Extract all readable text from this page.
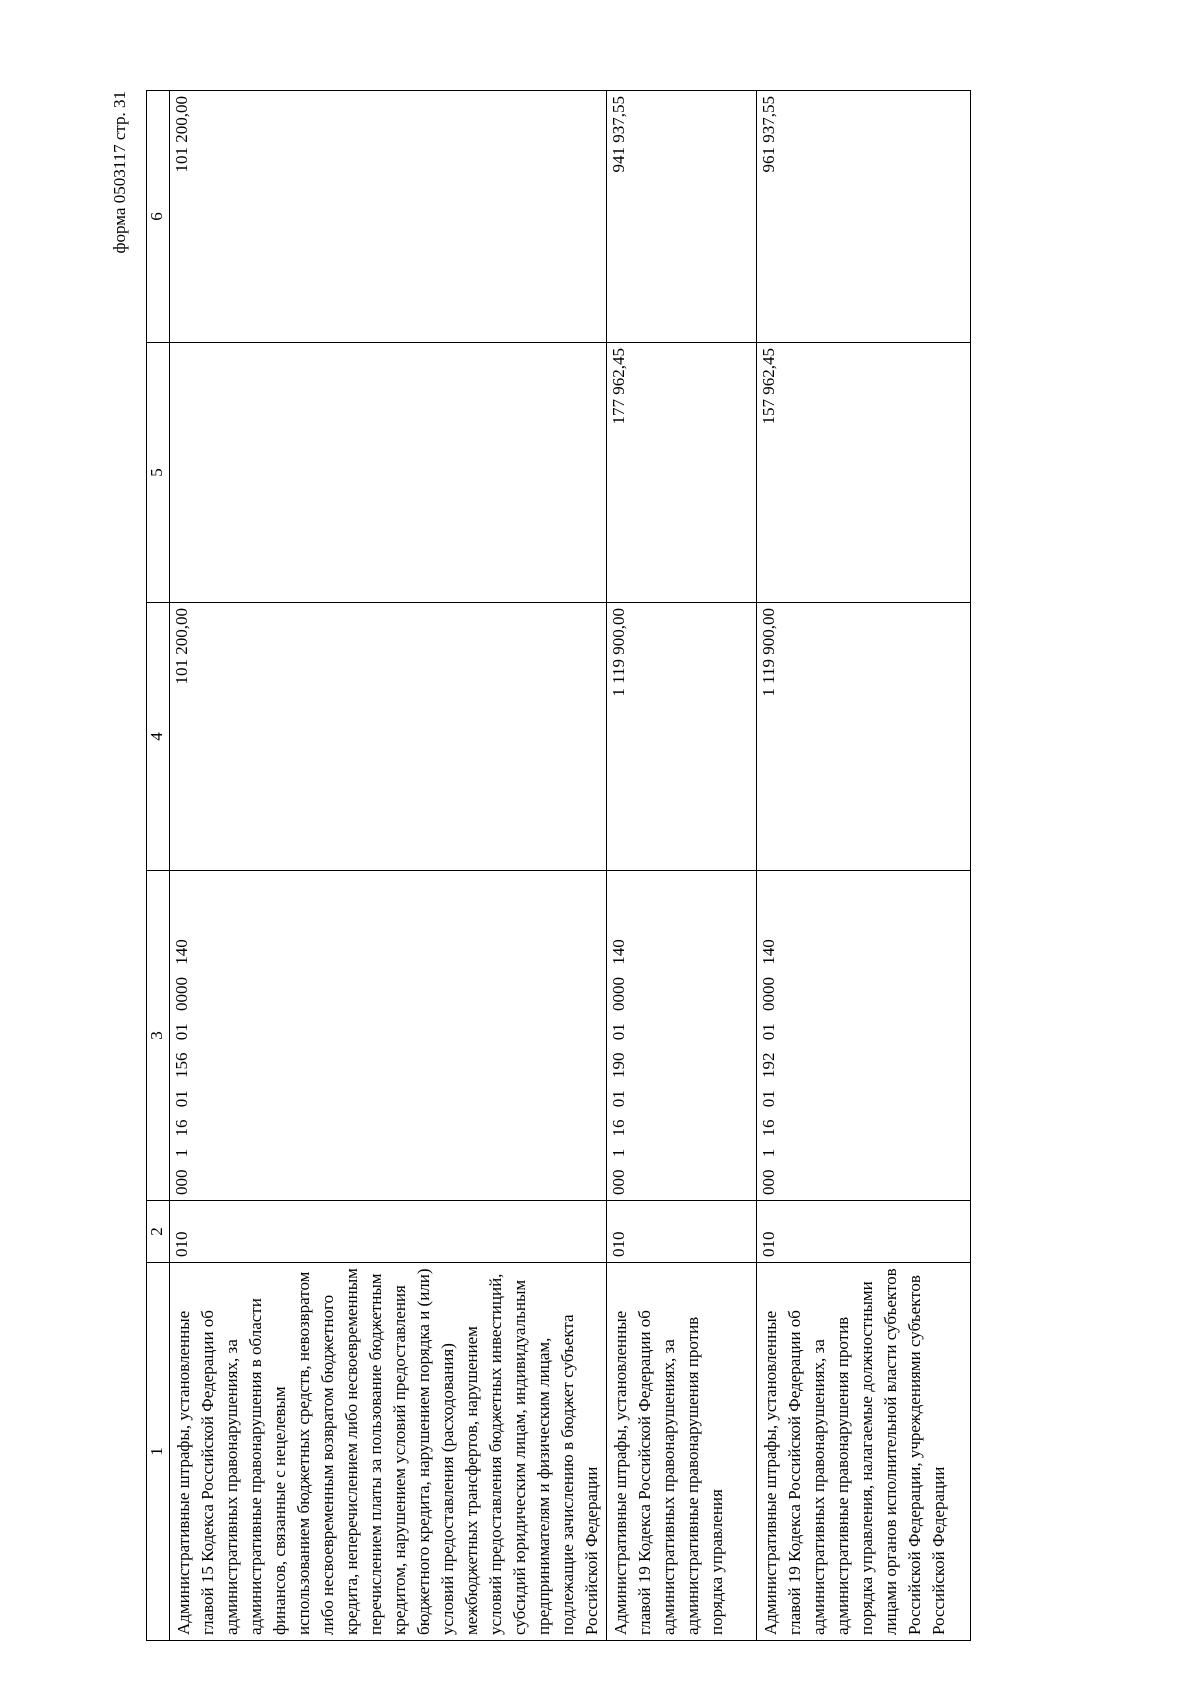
форма 0503117 стр. 31
1	2	3	4	5	6
Административные штрафы, установленные главой 15 Кодекса Российской Федерации об административных правонарушениях, за административные правонарушения в области финансов, связанные с нецелевым использованием бюджетных средств, невозвратом либо несвоевременным возвратом бюджетного кредита, неперечислением либо несвоевременным перечислением платы за пользование бюджетным кредитом, нарушением условий предоставления бюджетного кредита, нарушением порядка и (или) условий предоставления (расходования) межбюджетных трансфертов, нарушением условий предоставления бюджетных инвестиций, субсидий юридическим лицам, индивидуальным предпринимателям и физическим лицам, подлежащие зачислению в бюджет субъекта Российской Федерации	010	000 1 16 01 156 01 0000 140	101 200,00		101 200,00
Административные штрафы, установленные главой 19 Кодекса Российской Федерации об административных правонарушениях, за административные правонарушения против порядка управления	010	000 1 16 01 190 01 0000 140	1 119 900,00	177 962,45	941 937,55
Административные штрафы, установленные главой 19 Кодекса Российской Федерации об административных правонарушениях, за административные правонарушения против порядка управления, налагаемые должностными лицами органов исполнительной власти субъектов Российской Федерации, учреждениями субъектов Российской Федерации	010	000 1 16 01 192 01 0000 140	1 119 900,00	157 962,45	961 937,55
